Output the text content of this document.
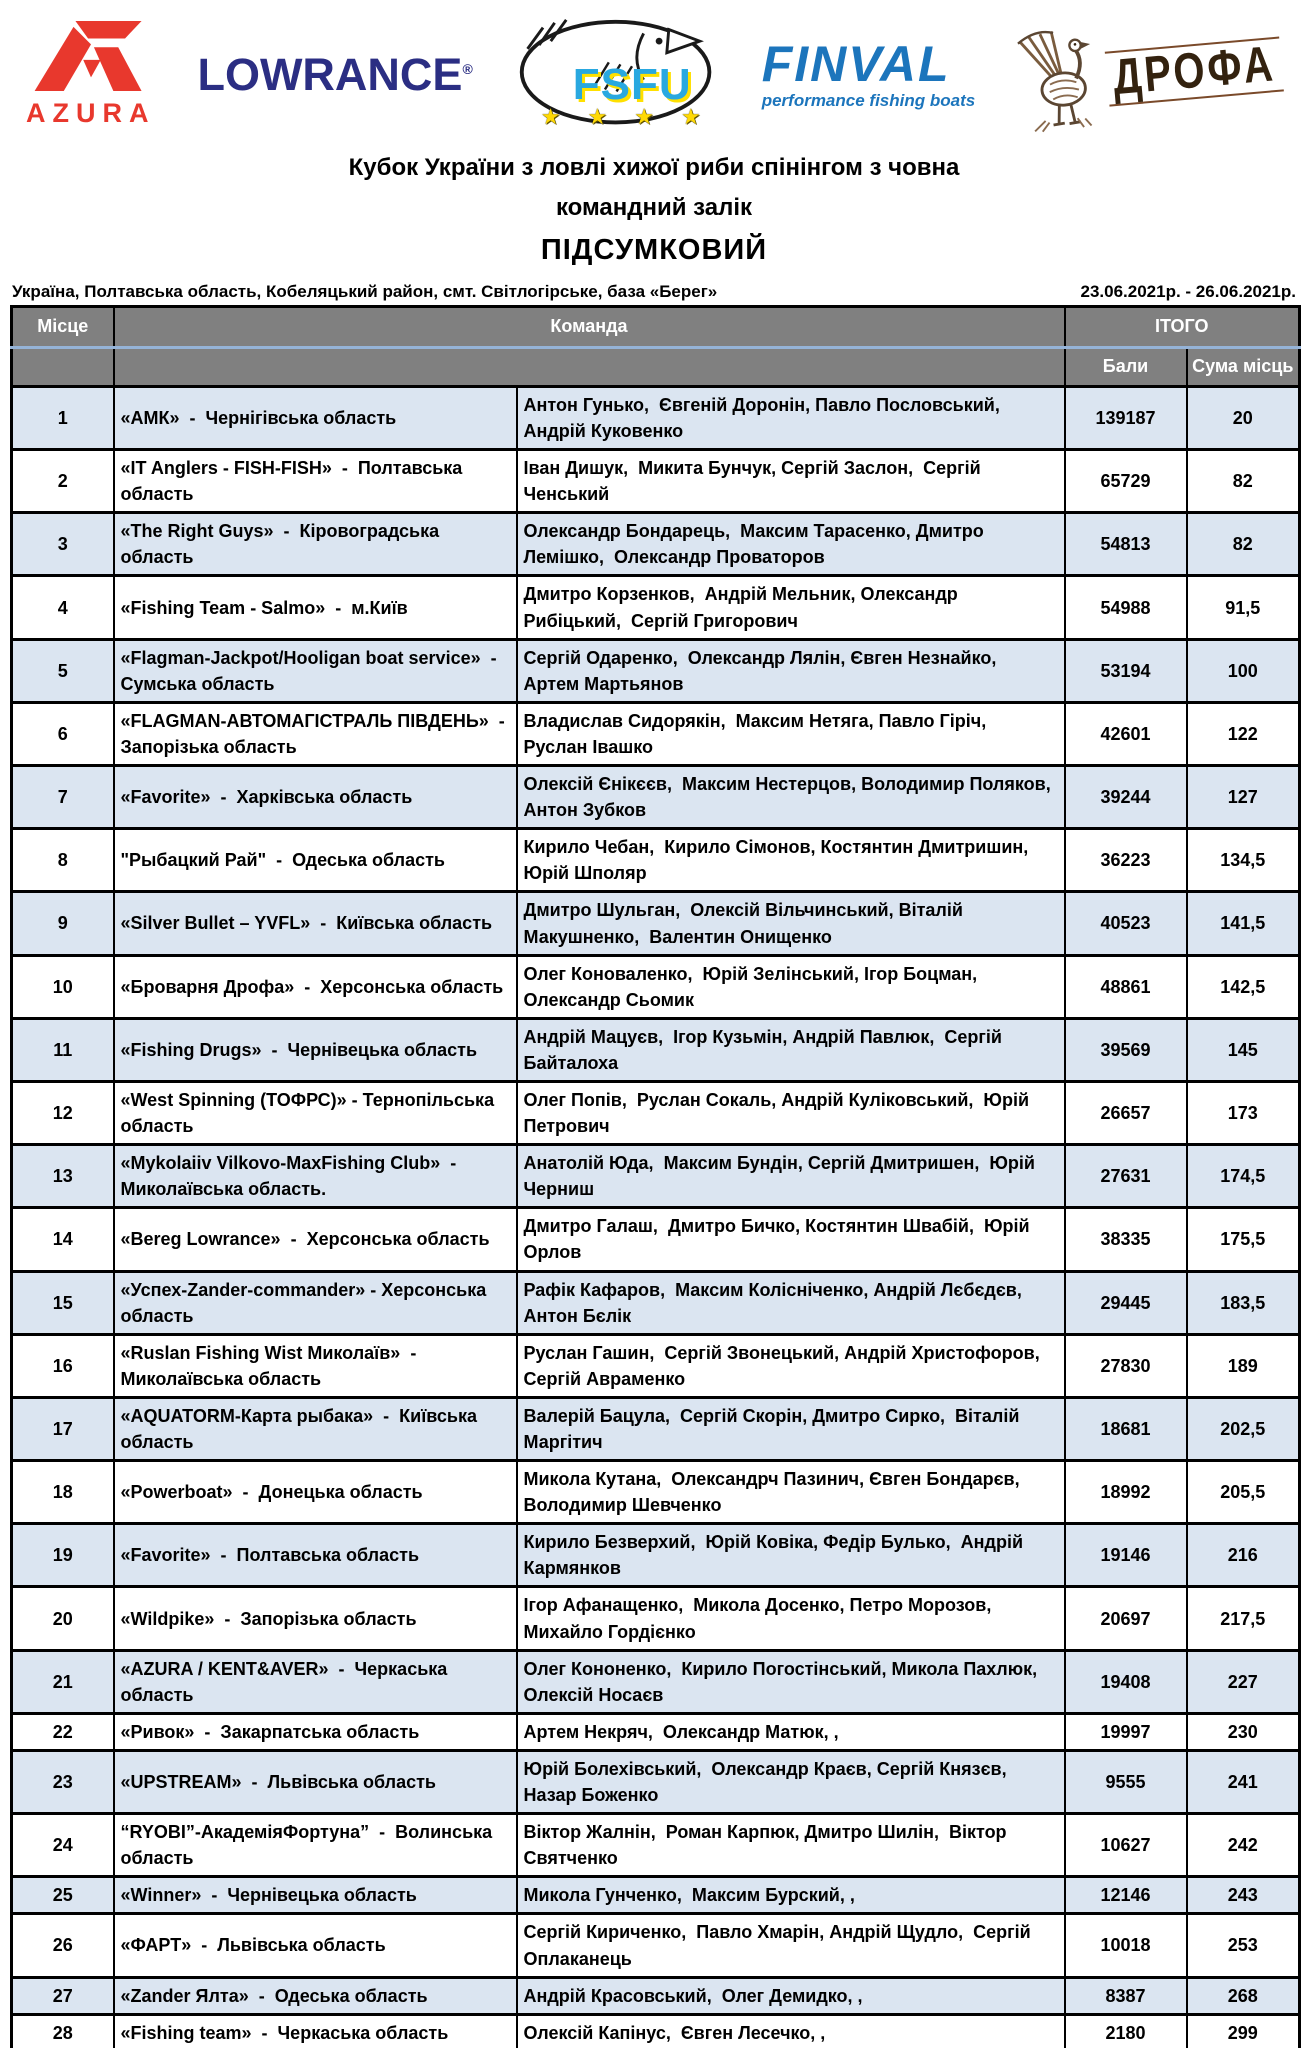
AZURA
LOWRANCE® FSFU
★ ★ ★ ★
FINVAL
performance fishing boats	ДРОФА
Кубок України з ловлі хижої риби спінінгом з човна
командний залік
ПІДСУМКОВИЙ
Україна, Полтавська область, Кобеляцький район, смт. Світлогірське, база «Берег»	23.06.2021р. - 26.06.2021р.
Місце	Команда		ІТОГО	
			Бали	Сума місць
1	«АМК»  -  Чернігівська область	Антон Гунько,  Євгеній Доронін, Павло Пословський,  Андрій Куковенко	139187	20
2	«IT Anglers - FISH-FISH»  -  Полтавська область	Іван Дишук,  Микита Бунчук, Сергій Заслон,  Сергій Ченський	65729	82
3	«The Right Guys»  -  Кіровоградська область	Олександр Бондарець,  Максим Тарасенко, Дмитро Лемішко,  Олександр Проваторов	54813	82
4	«Fishing Team - Salmo»  -  м.Київ	Дмитро Корзенков,  Андрій Мельник, Олександр Рибіцький,  Сергій Григорович	54988	91,5
5	«Flagman-Jackpot/Hooligan boat service»  -  Сумська область	Сергій Одаренко,  Олександр Лялін, Євген Незнайко,  Артем Мартьянов	53194	100
6	«FLAGMAN-АВТОМАГІСТРАЛЬ ПІВДЕНЬ»  -  Запорізька область	Владислав Сидорякін,  Максим Нетяга, Павло Гіріч,  Руслан Івашко	42601	122
7	«Favorite»  -  Харківська область	Олексій Єнікєєв,  Максим Нестерцов, Володимир Поляков,  Антон Зубков	39244	127
8	"Рыбацкий Рай"  -  Одеська область	Кирило Чебан,  Кирило Сімонов, Костянтин Дмитришин,  Юрій Шполяр	36223	134,5
9	«Silver Bullet – YVFL»  -  Київська область	Дмитро Шульган,  Олексій Вільчинський, Віталій Макушненко,  Валентин Онищенко	40523	141,5
10	«Броварня Дрофа»  -  Херсонська область	Олег Коноваленко,  Юрій Зелінський, Ігор Боцман,  Олександр Сьомик	48861	142,5
11	«Fishing Drugs»  -  Чернівецька область	Андрій Мацуєв,  Ігор Кузьмін, Андрій Павлюк,  Сергій Байталоха	39569	145
12	«West Spinning (ТОФРС)» - Тернопільська область	Олег Попів,  Руслан Сокаль, Андрій Куліковський,  Юрій Петрович	26657	173
13	«Mykolaiiv Vilkovo-MaxFishing Club»  -  Миколаївська область.	Анатолій Юда,  Максим Бундін, Сергій Дмитришен,  Юрій Черниш	27631	174,5
14	«Bereg Lowrance»  -  Херсонська область	Дмитро Галаш,  Дмитро Бичко, Костянтин Швабій,  Юрій Орлов	38335	175,5
15	«Успех-Zander-commander» - Херсонська область	Рафік Кафаров,  Максим Колісніченко, Андрій Лєбєдєв,  Антон Бєлік	29445	183,5
16	«Ruslan Fishing Wist Миколаїв»  -  Миколаївська область	Руслан Гашин,  Сергій Звонецький, Андрій Христофоров,  Сергій Авраменко	27830	189
17	«AQUATORM-Карта рыбака»  -  Київська область	Валерій Бацула,  Сергій Скорін, Дмитро Сирко,  Віталій Маргітич	18681	202,5
18	«Powerboat»  -  Донецька область	Микола Кутана,  Олександрч Пазинич, Євген Бондарєв,  Володимир Шевченко	18992	205,5
19	«Favorite»  -  Полтавська область	Кирило Безверхий,  Юрій Ковіка, Федір Булько,  Андрій Кармянков	19146	216
20	«Wildpike»  -  Запорізька область	Ігор Афанащенко,  Микола Досенко, Петро Морозов,  Михайло Гордієнко	20697	217,5
21	«AZURA / KENT&AVER»  -  Черкаська область	Олег Кононенко,  Кирило Погостінський, Микола Пахлюк,  Олексій Носаєв	19408	227
22	«Ривок»  -  Закарпатська область	Артем Некряч,  Олександр Матюк, ,	19997	230
23	«UPSTREAM»  -  Львівська область	Юрій Болехівський,  Олександр Краєв, Сергій Князєв,  Назар Боженко	9555	241
24	“RYOBI”-АкадеміяФортуна”  -  Волинська область	Віктор Жалнін,  Роман Карпюк, Дмитро Шилін,  Віктор Святченко	10627	242
25	«Winner»  -  Чернівецька область	Микола Гунченко,  Максим Бурский, ,	12146	243
26	«ФАРТ»  -  Львівська область	Сергій Кириченко,  Павло Хмарін, Андрій Щудло,  Сергій Оплаканець	10018	253
27	«Zander Ялта»  -  Одеська область	Андрій Красовський,  Олег Демидко, ,	8387	268
28	«Fishing team»  -  Черкаська область	Олексій Капінус,  Євген Лесечко, ,	2180	299
